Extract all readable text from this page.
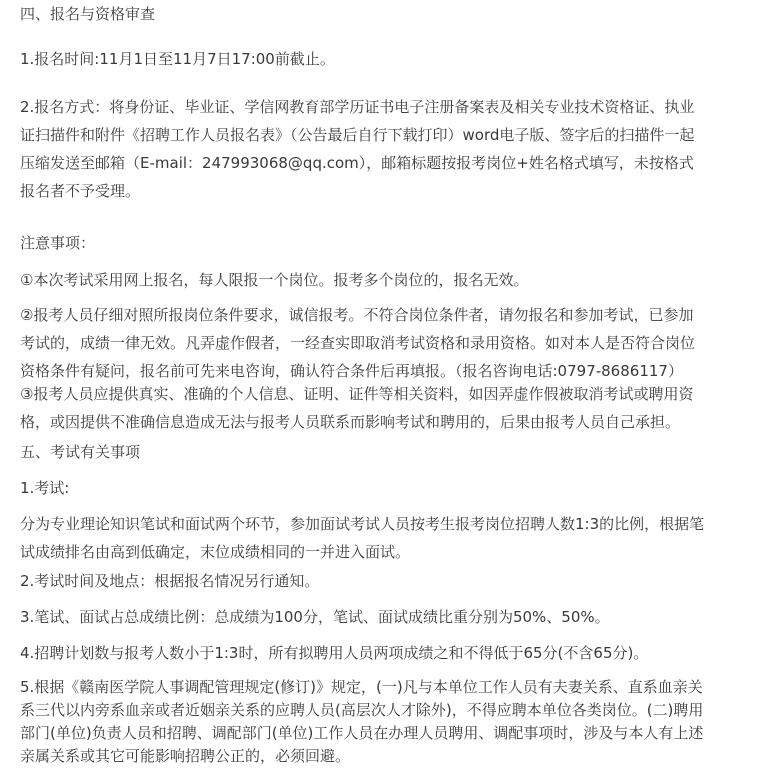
四、报名与资格审查

1.报名时间:11月1日至11月7日17:00前截止。

2.报名方式：将身份证、毕业证、学信网教育部学历证书电子注册备案表及相关专业技术资格证、执业
证扫描件和附件《招聘工作人员报名表》（公告最后自行下载打印）word电子版、签字后的扫描件一起
压缩发送至邮箱（E-mail：247993068@qq.com），邮箱标题按报考岗位+姓名格式填写，未按格式
报名者不予受理。

注意事项：

①本次考试采用网上报名，每人限报一个岗位。报考多个岗位的，报名无效。

②报考人员仔细对照所报岗位条件要求，诚信报考。不符合岗位条件者，请勿报名和参加考试，已参加
考试的，成绩一律无效。凡弄虚作假者，一经查实即取消考试资格和录用资格。如对本人是否符合岗位
资格条件有疑问，报名前可先来电咨询，确认符合条件后再填报。（报名咨询电话:0797-8686117）
③报考人员应提供真实、准确的个人信息、证明、证件等相关资料，如因弄虚作假被取消考试或聘用资
格，或因提供不准确信息造成无法与报考人员联系而影响考试和聘用的，后果由报考人员自己承担。

五、考试有关事项

1.考试:

分为专业理论知识笔试和面试两个环节，参加面试考试人员按考生报考岗位招聘人数1:3的比例，根据笔
试成绩排名由高到低确定，末位成绩相同的一并进入面试。

2.考试时间及地点：根据报名情况另行通知。

3.笔试、面试占总成绩比例：总成绩为100分，笔试、面试成绩比重分别为50%、50%。

4.招聘计划数与报考人数小于1:3时，所有拟聘用人员两项成绩之和不得低于65分(不含65分)。

5.根据《赣南医学院人事调配管理规定(修订)》规定，(一)凡与本单位工作人员有夫妻关系、直系血亲关
系三代以内旁系血亲或者近姻亲关系的应聘人员(高层次人才除外)，不得应聘本单位各类岗位。(二)聘用
部门(单位)负责人员和招聘、调配部门(单位)工作人员在办理人员聘用、调配事项时，涉及与本人有上述
亲属关系或其它可能影响招聘公正的，必须回避。
